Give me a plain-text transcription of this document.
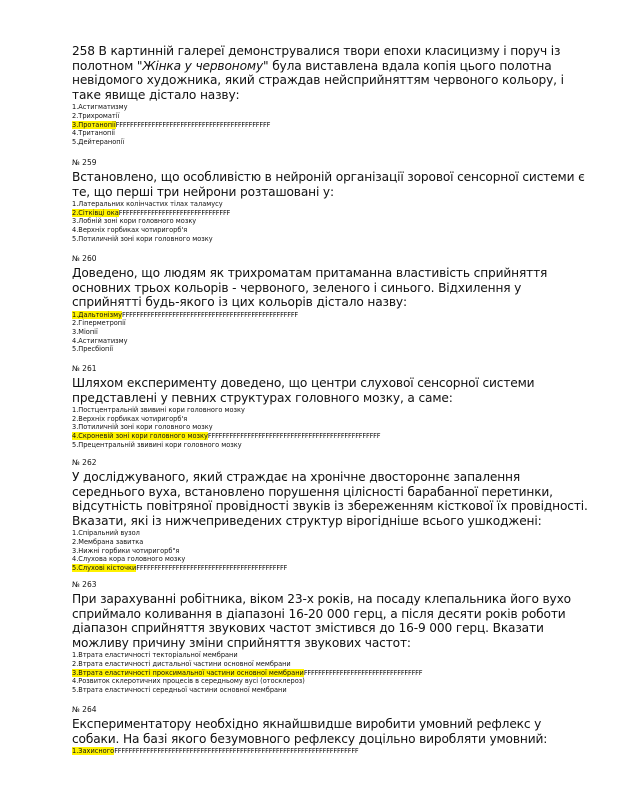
258 В картинній галереї демонструвалися твори епохи класицизму і поруч із полотном "Жінка у червоному" була виставлена вдала копія цього полотна невідомого художника, який страждав нейсприйняттям червоного кольору, і таке явище дістало назву:
1.Астигматизму
2.Трихроматії
3.ПротанопіїFFFFFFFFFFFFFFFFFFFFFFFFFFFFFFFFFFFFFFFFFFF
4.Тританопії
5.Дейтеранопії
№ 259
Встановлено, що особливістю в нейроній організації зорової сенсорної системи є те, що перші три нейрони розташовані у:
1.Латеральних колінчастих тілах таламусу
2.Сітківці окаFFFFFFFFFFFFFFFFFFFFFFFFFFFFFFF
3.Лобній зоні кори головного мозку
4.Верхніх горбиках чотиригорб'я
5.Потиличній зоні кори головного мозку
№ 260
Доведено, що людям як трихроматам притаманна властивість сприйняття основних трьох кольорів - червоного, зеленого і синього. Відхилення у сприйнятті будь-якого із цих кольорів дістало назву:
1.ДальтонізмуFFFFFFFFFFFFFFFFFFFFFFFFFFFFFFFFFFFFFFFFFFFFFFFFF
2.Гіперметропії
3.Міопії
4.Астигматизму
5.Пресбіопії
№ 261
Шляхом експерименту доведено, що центри слухової сенсорної системи представлені у певних структурах головного мозку, а саме:
1.Постцентральній звивині кори головного мозку
2.Верхніх горбиках чотиригорб'я
3.Потиличній зоні кори головного мозку
4.Скроневій зоні кори головного мозкуFFFFFFFFFFFFFFFFFFFFFFFFFFFFFFFFFFFFFFFFFFFFFFFF
5.Прецентральній звивині кори головного мозку
№ 262
У досліджуваного, який страждає на хронічне двостороннє запалення середнього вуха, встановлено порушення цілісності барабанної перетинки, відсутність повітряної провідності звуків із збереженням кісткової їх провідності. Вказати, які із нижчеприведених структур вірогідніше всього ушкоджені:
1.Спіральний вузол
2.Мембрана завитка
3.Нижні горбики чотиригорб"я
4.Слухова кора головного мозку
5.Слухові кісточкиFFFFFFFFFFFFFFFFFFFFFFFFFFFFFFFFFFFFFFFFFF
№ 263
При зарахуванні робітника, віком 23-х років, на посаду клепальника його вухо сприймало коливання в діапазоні 16-20 000 герц, а після десяти років роботи діапазон сприйняття звукових частот змістився до 16-9 000 герц. Вказати можливу причину зміни сприйняття звукових частот:
1.Втрата еластичності текторіальної мембрани
2.Втрата еластичності дистальної частини основної мембрани
3.Втрата еластичності проксимальної частини основної мембраниFFFFFFFFFFFFFFFFFFFFFFFFFFFFFFFFF
4.Розвиток склеротичних процесів в середньому вусі (отосклероз)
5.Втрата еластичності середньої частини основної мембрани
№ 264
Експериментатору необхідно якнайшвидше виробити умовний рефлекс у собаки. На базі якого безумовного рефлексу доцільно виробляти умовний:
1.ЗахисногоFFFFFFFFFFFFFFFFFFFFFFFFFFFFFFFFFFFFFFFFFFFFFFFFFFFFFFFFFFFFFFFFFFFF
